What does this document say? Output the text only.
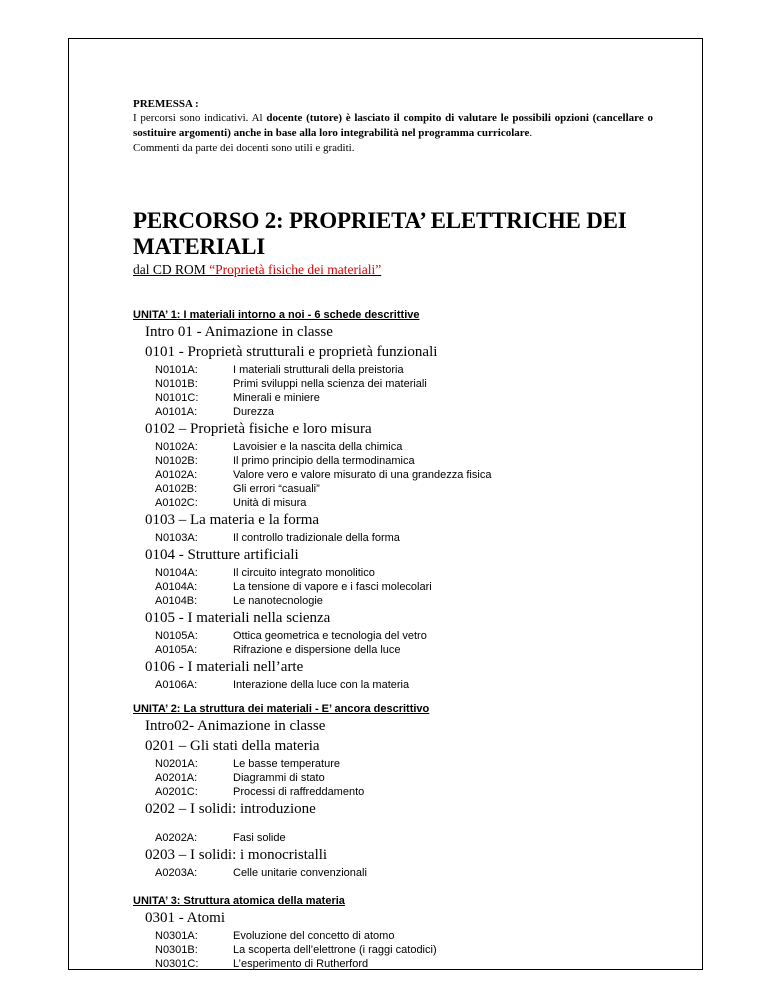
PREMESSA :
I percorsi sono indicativi. Al docente (tutore) è lasciato il compito di valutare le possibili opzioni (cancellare o sostituire argomenti) anche in base alla loro integrabilità nel programma curricolare.
Commenti da parte dei docenti sono utili e graditi.
PERCORSO 2: PROPRIETA’ ELETTRICHE DEI MATERIALI
dal CD ROM “Proprietà fisiche dei materiali”
UNITA’ 1: I materiali intorno a noi - 6 schede descrittive
Intro 01 - Animazione in classe
0101 - Proprietà strutturali e proprietà funzionali
N0101A:	I materiali strutturali della preistoria
N0101B:	Primi sviluppi nella scienza dei materiali
N0101C:	Minerali e miniere
A0101A:	Durezza
0102 – Proprietà fisiche e loro misura
N0102A:	Lavoisier e la nascita della chimica
N0102B:	Il primo principio della termodinamica
A0102A:	Valore vero e valore misurato di una grandezza fisica
A0102B:	Gli errori “casuali”
A0102C:	Unità di misura
0103 – La materia e la forma
N0103A:	Il controllo tradizionale della forma
0104 - Strutture artificiali
N0104A:	Il circuito integrato monolitico
A0104A:	La tensione di vapore e i fasci molecolari
A0104B:	Le nanotecnologie
0105 - I materiali nella scienza
N0105A:	Ottica geometrica e tecnologia del vetro
A0105A:	Rifrazione e dispersione della luce
0106 - I materiali nell’arte
A0106A:	Interazione della luce con la materia
UNITA’ 2: La struttura dei materiali - E’ ancora descrittivo
Intro02- Animazione in classe
0201 – Gli stati della materia
N0201A:	Le basse temperature
A0201A:	Diagrammi di stato
A0201C:	Processi di raffreddamento
0202 – I solidi: introduzione
A0202A:	Fasi solide
0203 – I solidi: i monocristalli
A0203A:	Celle unitarie convenzionali
UNITA’ 3: Struttura atomica della materia
0301 - Atomi
N0301A:	Evoluzione del concetto di atomo
N0301B:	La scoperta dell’elettrone (i raggi catodici)
N0301C:	L’esperimento di Rutherford
